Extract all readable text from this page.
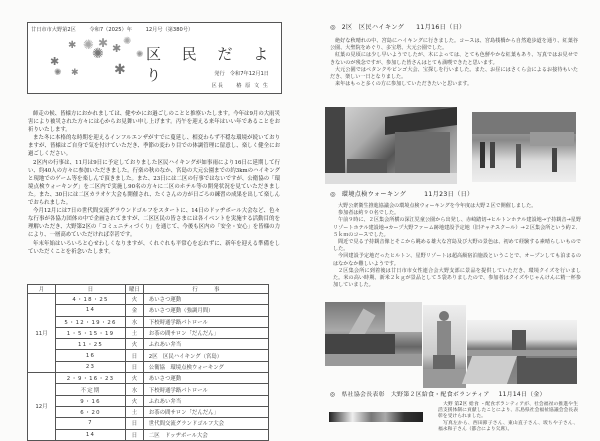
廿日市市大野第2区	令和7（2025）年	12月号（第380号）
✱ ✺ ✱
✺ ✱
✺
✱
✺ ✱	✱
✺ 区 民 だ よ り	発行　令和7年12月1日
区長　　椿 原 文 生

師走の候、皆様方におかれましては、健やかにお過ごしのことと推察いたします。今年は9月の大雨災害により被災された方々には心からお見舞い申し上げます。丙午を迎える来年はいい年であることをお祈りいたします。

また冬に本格的な時期を迎えるインフルエンザがすでに蔓延し、相変わらず不穏な環境が続いておりますが、皆様はご自身で気を付けていただき、季節の変わり目での体調管理に留意し、楽しく健全にお過ごしください。

2区内の行事は、11月は9日に予定しておりました区民ハイキングが如事雨により16日に延期して行い、約40人の方々に参加いただきました。行楽の秋のなか、宮島の大元公園までの約3kmのハイキングと現地でのゲーム等を楽しんで頂きました。また、23日には二区の行事ではないですが、公衛協の「環境点検ウォーキング」を二区内で実施し90名の方々に二区のホテル等の開発状況を見ていただきました。また、30日には二区カラオケ大会も開催され、たくさんの方が日ごろの練習の成果を出して楽しんでおられました。

今月12月には7日の世代間交流グラウンドゴルフをスタートに、14日のドッヂボール大会など、色々な行事が各協力団体の中で企画されてますが、二区区民の皆さまには各イベントを実施する活動目的を理解いただき、大野第2区の「コミュニティづくり」を通じて、今後も区内の「安全・安心」を皆様の力により、一層高めていただければ幸甚です。

年末年始はいろいろと心せわしくなりますが、くれぐれも平常心を忘れずに、新年を迎える準備をしていただくことを祈念いたします。

月	日	曜日	行　　　事
11月	4・18・25	火	あいさつ運動
	14	金	あいさつ運動（強調月間）
	5・12・19・26	水	下校時通学路パトロール
	1・5・15・19	土	お茶の間サロン「だんだん」
	11・25	火	ふれあい弁当
	16	日	2区　区民ハイキング（宮島）
	23	日	公衛協　環境点検ウォーキング
12月	2・9・16・23	火	あいさつ運動
	不定期	水	下校時通学路パトロール
	9・16	火	ふれあい弁当
	6・20	土	お茶の間サロン「だんだん」
	7	日	世代間交流グランドゴルフ大会
	14	日	二区　ドッヂボール大会
◎ 2区　区民ハイキング 11月16日（日）

絶好な秋晴れの中、宮島にハイキングに行きました。コースは、宮島桟橋から自然遊歩道を通り、紅葉谷公園、大聖院をめぐり、多宝塔、大元公園でした。

紅葉の見頃には少し早いようでしたが、木によっては、とても色鮮やかな紅葉もあり、写真ではお見せできないのが残念ですが、参加した皆さんはとても満喫できたと思います。

大元公園ではペタンクやビンゴ大会、宝探しを行いました。また、お昼にはさくら会によるお接待もいただき、楽しい一日となりました。

来年はもっと多くの方に参加していただきたいと思います。

◎ 環境点検ウォーキング	11月23日（日）

大野公衆衛生推進協議会の環境点検ウォーキングを今年度は大野２区で開催しました。

参加者は約９０名でした。

午前９時に、２区集会所横の深江児童公園から出発し、赤崎踏切→ヒルトンホテル建設地→子持観音→星野リゾートホテル建設地→カープ大野ファーム跡地建設予定地（旧チャチスクール）→２区集会所という約２．５ｋｍのコースでした。

間近で見る子持観音像とそこから眺める雄大な宮島及び大野の景色は、初めて経験する素晴らしいものでした。

今回建設予定地だったヒルトン、星野リゾートは超高級宿泊施設ということで、オープンしても泊まるのはなかなか難しいようです。

２区集会所に到着後は廿日市市女性連合会大野支部に景品を提供していただき、環境クイズを行いました。米の高い時期、新米２ｋｇが景品として５袋ありましたので、参加者はクイズやじゃんけんに精一杯参加していました。

◎ 県社協会長表彰　大野第２区給食・配食ボランティア 11月14日（金）

大野 第2区 給食 ・配食ボランティアが、社会福祉の推進や生活支援体制に貢献したことにより、広島県社会福祉協議会会長表彰を受けられました。

写真左から、西田節子さん、東山直子さん、坂ちや子さん、福永和子さん（都合により欠席）。
